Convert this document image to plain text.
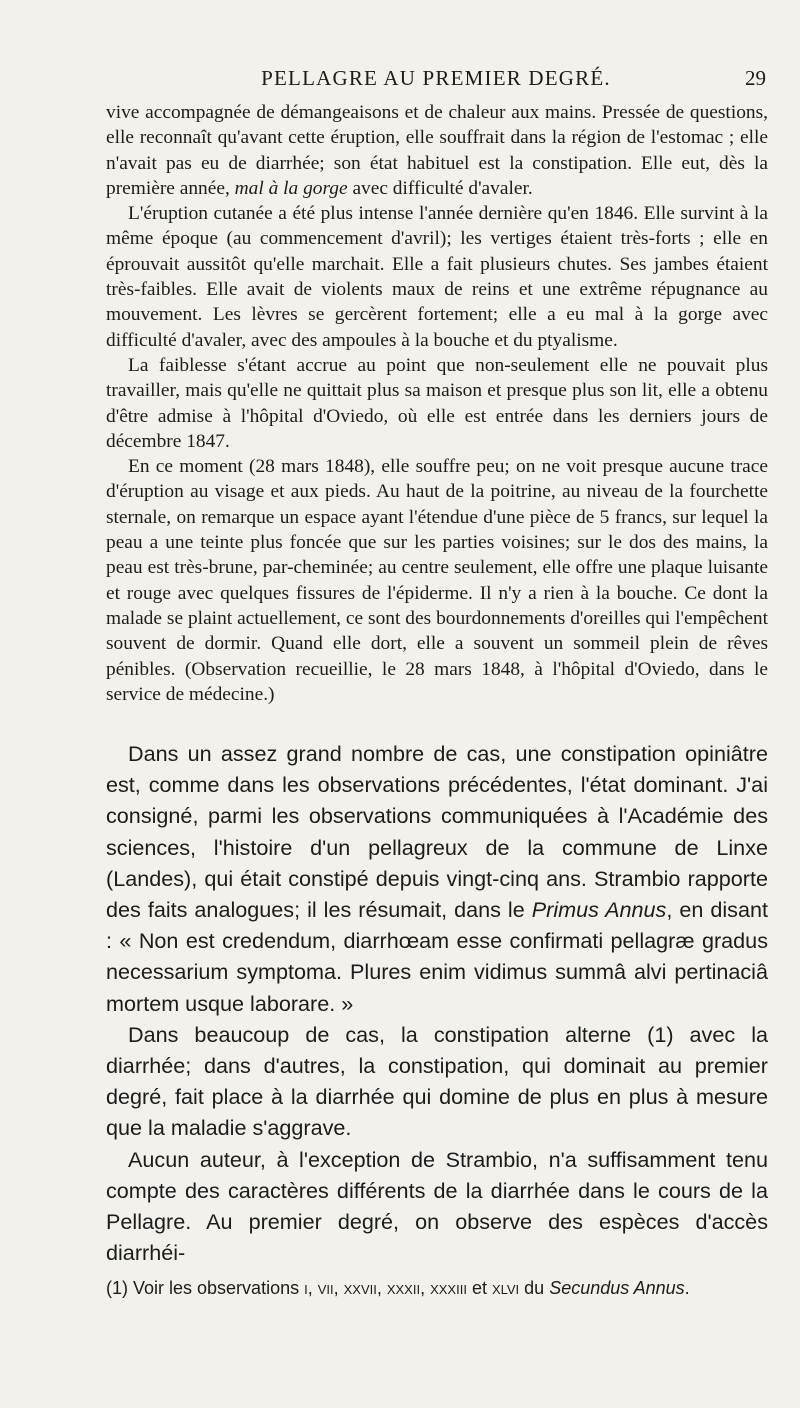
PELLAGRE AU PREMIER DEGRÉ.	29

vive accompagnée de démangeaisons et de chaleur aux mains. Pressée de questions, elle reconnaît qu'avant cette éruption, elle souffrait dans la région de l'estomac ; elle n'avait pas eu de diarrhée; son état habituel est la constipation. Elle eut, dès la première année, mal à la gorge avec difficulté d'avaler.

L'éruption cutanée a été plus intense l'année dernière qu'en 1846. Elle survint à la même époque (au commencement d'avril); les vertiges étaient très-forts ; elle en éprouvait aussitôt qu'elle marchait. Elle a fait plusieurs chutes. Ses jambes étaient très-faibles. Elle avait de violents maux de reins et une extrême répugnance au mouvement. Les lèvres se gercèrent fortement; elle a eu mal à la gorge avec difficulté d'avaler, avec des ampoules à la bouche et du ptyalisme.

La faiblesse s'étant accrue au point que non-seulement elle ne pouvait plus travailler, mais qu'elle ne quittait plus sa maison et presque plus son lit, elle a obtenu d'être admise à l'hôpital d'Oviedo, où elle est entrée dans les derniers jours de décembre 1847.

En ce moment (28 mars 1848), elle souffre peu; on ne voit presque aucune trace d'éruption au visage et aux pieds. Au haut de la poitrine, au niveau de la fourchette sternale, on remarque un espace ayant l'étendue d'une pièce de 5 francs, sur lequel la peau a une teinte plus foncée que sur les parties voisines; sur le dos des mains, la peau est très-brune, par-cheminée; au centre seulement, elle offre une plaque luisante et rouge avec quelques fissures de l'épiderme. Il n'y a rien à la bouche. Ce dont la malade se plaint actuellement, ce sont des bourdonnements d'oreilles qui l'empêchent souvent de dormir. Quand elle dort, elle a souvent un sommeil plein de rêves pénibles. (Observation recueillie, le 28 mars 1848, à l'hôpital d'Oviedo, dans le service de médecine.)

Dans un assez grand nombre de cas, une constipation opiniâtre est, comme dans les observations précédentes, l'état dominant. J'ai consigné, parmi les observations communiquées à l'Académie des sciences, l'histoire d'un pellagreux de la commune de Linxe (Landes), qui était constipé depuis vingt-cinq ans. Strambio rapporte des faits analogues; il les résumait, dans le Primus Annus, en disant : « Non est credendum, diarrhœam esse confirmati pellagræ gradus necessarium symptoma. Plures enim vidimus summâ alvi pertinaciâ mortem usque laborare. »

Dans beaucoup de cas, la constipation alterne (1) avec la diarrhée; dans d'autres, la constipation, qui dominait au premier degré, fait place à la diarrhée qui domine de plus en plus à mesure que la maladie s'aggrave.

Aucun auteur, à l'exception de Strambio, n'a suffisamment tenu compte des caractères différents de la diarrhée dans le cours de la Pellagre. Au premier degré, on observe des espèces d'accès diarrhéi-

(1) Voir les observations i, vii, xxvii, xxxii, xxxiii et xlvi du Secundus Annus.
